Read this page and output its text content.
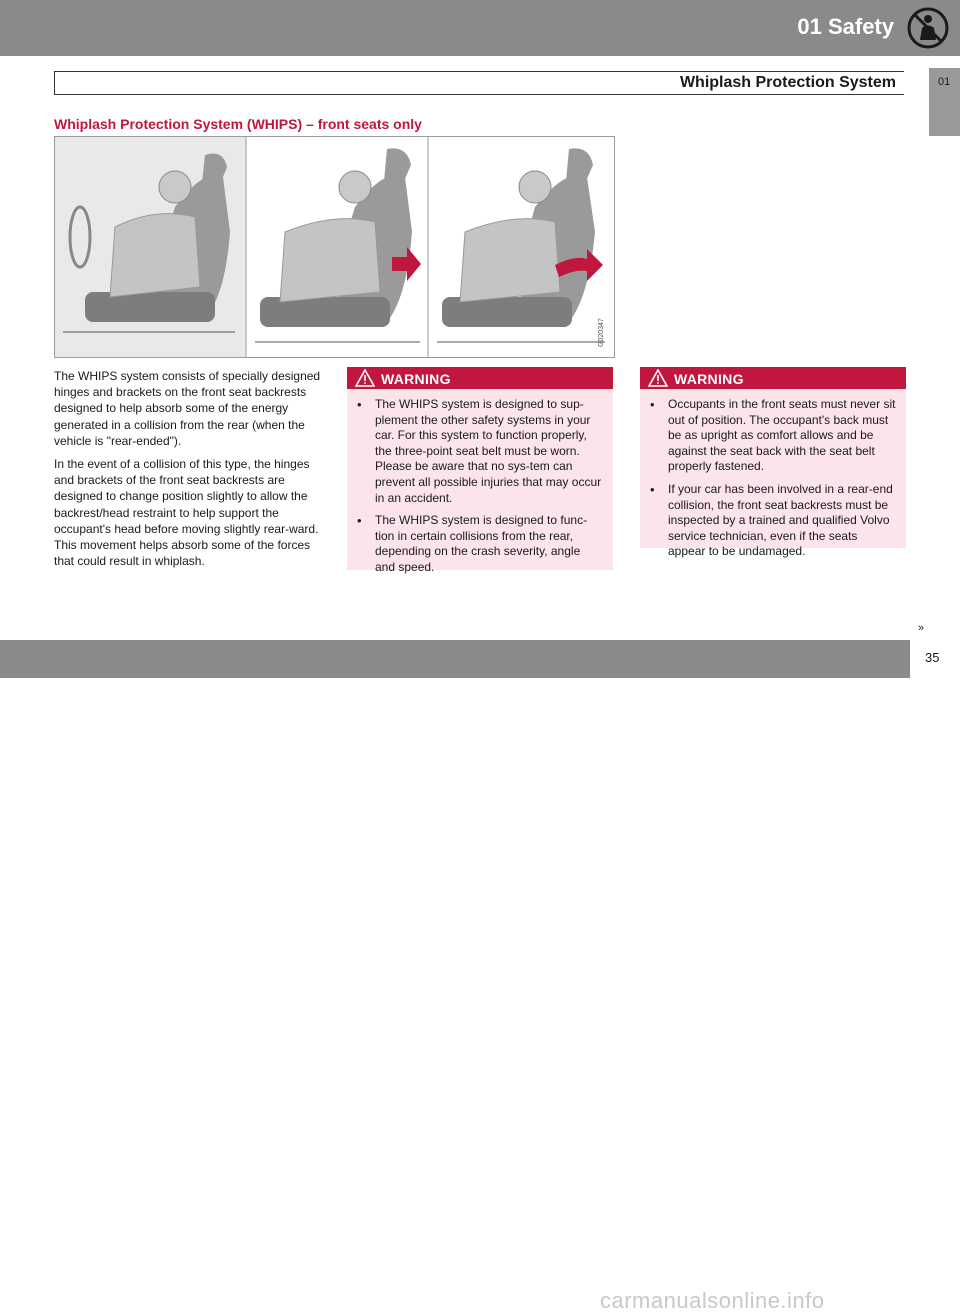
01 Safety
Whiplash Protection System	01
Whiplash Protection System (WHIPS) – front seats only
G020347

The WHIPS system consists of specially designed hinges and brackets on the front seat backrests designed to help absorb some of the energy generated in a collision from the rear (when the vehicle is "rear-ended").

In the event of a collision of this type, the hinges and brackets of the front seat backrests are designed to change position slightly to allow the backrest/head restraint to help support the occupant's head before moving slightly rear-ward. This movement helps absorb some of the forces that could result in whiplash.

WARNING
• The WHIPS system is designed to sup-plement the other safety systems in your car. For this system to function properly, the three-point seat belt must be worn. Please be aware that no sys-tem can prevent all possible injuries that may occur in an accident.
• The WHIPS system is designed to func-tion in certain collisions from the rear, depending on the crash severity, angle and speed.
WARNING
• Occupants in the front seats must never sit out of position. The occupant's back must be as upright as comfort allows and be against the seat back with the seat belt properly fastened.
• If your car has been involved in a rear-end collision, the front seat backrests must be inspected by a trained and qualified Volvo service technician, even if the seats appear to be undamaged.
»
carmanualsonline.info
35
